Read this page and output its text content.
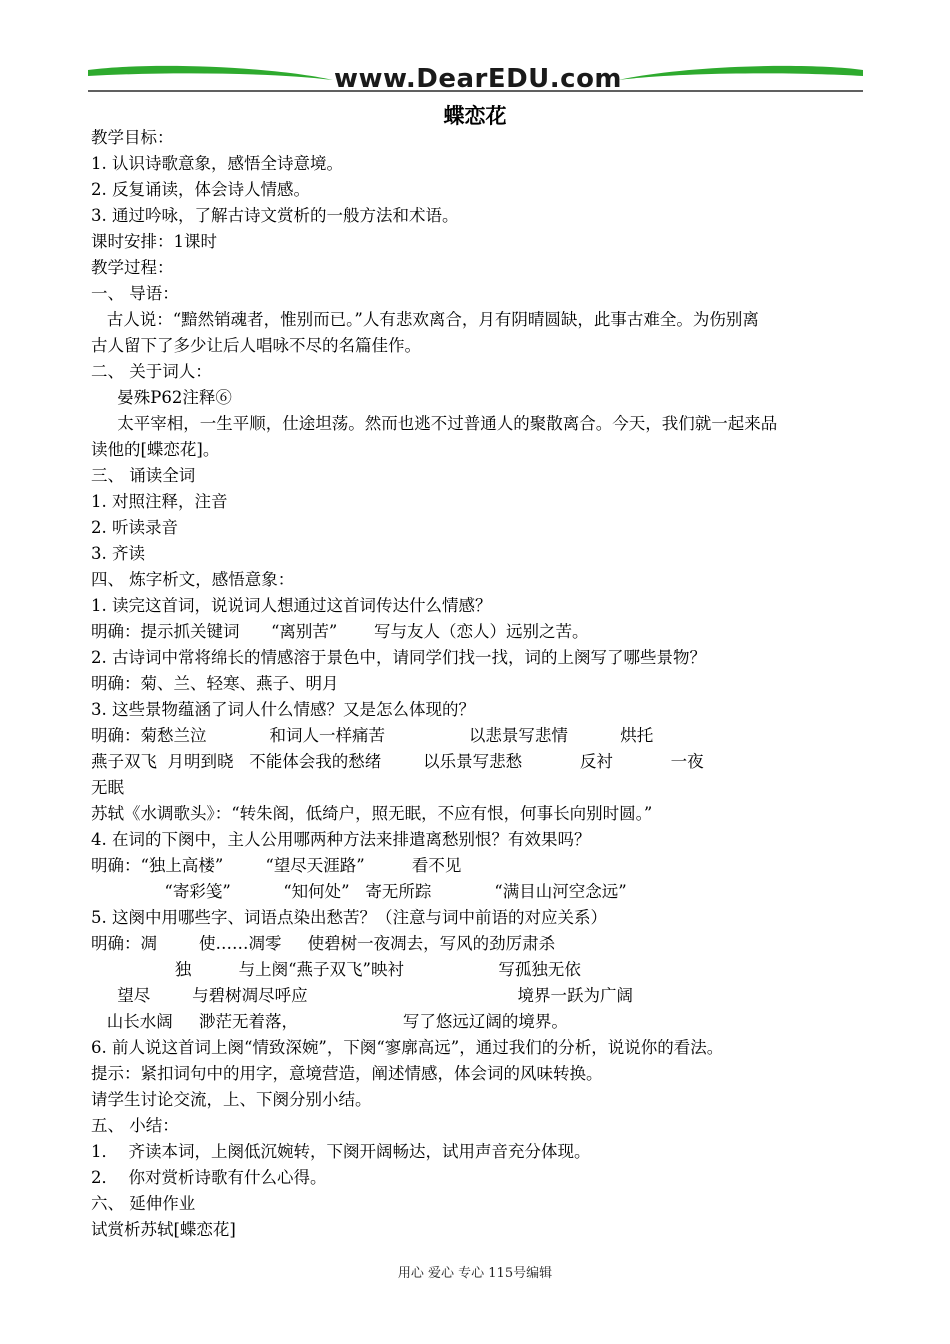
www.DearEDU.com
蝶恋花
教学目标：
1. 认识诗歌意象，感悟全诗意境。
2. 反复诵读，体会诗人情感。
3. 通过吟咏，了解古诗文赏析的一般方法和术语。
课时安排：1课时
教学过程：
一、 导语：
古人说：“黯然销魂者，惟别而已。”人有悲欢离合，月有阴晴圆缺，此事古难全。为伤别离
古人留下了多少让后人唱咏不尽的名篇佳作。
二、 关于词人：
晏殊P62注释⑥
太平宰相，一生平顺，仕途坦荡。然而也逃不过普通人的聚散离合。今天，我们就一起来品
读他的[蝶恋花]。
三、 诵读全词
1. 对照注释，注音
2. 听读录音
3. 齐读
四、 炼字析文，感悟意象：
1. 读完这首词，说说词人想通过这首词传达什么情感？
明确：提示抓关键词      “离别苦”       写与友人（恋人）远别之苦。
2. 古诗词中常将绵长的情感溶于景色中，请同学们找一找，词的上阕写了哪些景物？
明确：菊、兰、轻寒、燕子、明月
3. 这些景物蕴涵了词人什么情感？又是怎么体现的？
明确：菊愁兰泣            和词人一样痛苦                以悲景写悲情          烘托
燕子双飞  月明到晓   不能体会我的愁绪        以乐景写悲愁           反衬           一夜
无眠
苏轼《水调歌头》：“转朱阁，低绮户，照无眠，不应有恨，何事长向别时圆。”
4. 在词的下阕中，主人公用哪两种方法来排遣离愁别恨？有效果吗？
明确：“独上高楼”        “望尽天涯路”         看不见
“寄彩笺”          “知何处”   寄无所踪            “满目山河空念远”
5. 这阕中用哪些字、词语点染出愁苦？（注意与词中前语的对应关系）
明确：凋        使……凋零     使碧树一夜凋去，写风的劲厉肃杀
独         与上阕“燕子双飞”映衬                  写孤独无依
望尽        与碧树凋尽呼应                                        境界一跃为广阔
山长水阔     渺茫无着落，                    写了悠远辽阔的境界。
6. 前人说这首词上阕“情致深婉”，下阕“寥廓高远”，通过我们的分析，说说你的看法。
提示：紧扣词句中的用字，意境营造，阐述情感，体会词的风味转换。
请学生讨论交流，上、下阕分别小结。
五、 小结：
1．  齐读本词，上阕低沉婉转，下阕开阔畅达，试用声音充分体现。
2．  你对赏析诗歌有什么心得。
六、 延伸作业
试赏析苏轼[蝶恋花]
用心 爱心 专心 115号编辑
